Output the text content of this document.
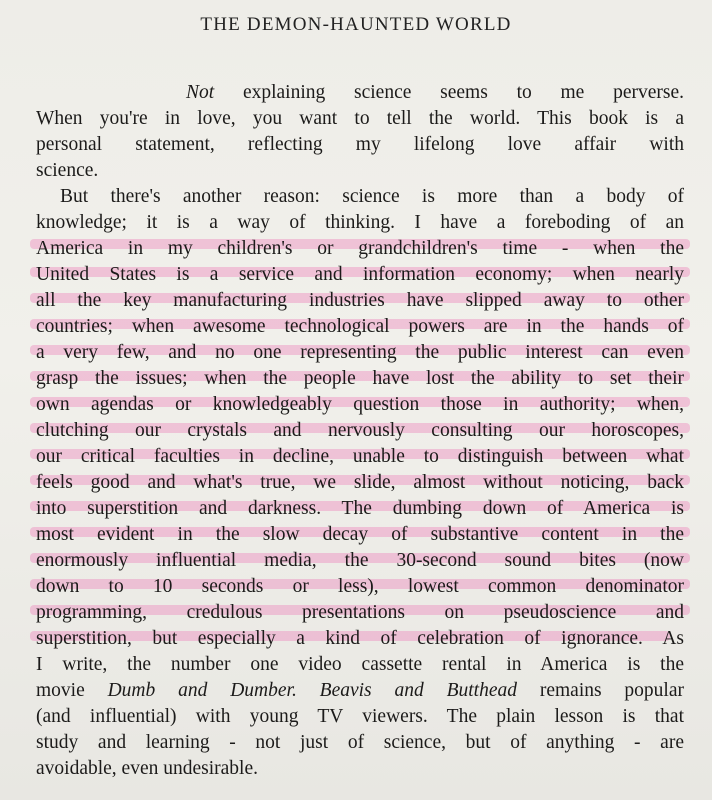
THE DEMON-HAUNTED WORLD
Not explaining science seems to me perverse.
When you're in love, you want to tell the world. This book is a
personal statement, reflecting my lifelong love affair with
science.
But there's another reason: science is more than a body of
knowledge; it is a way of thinking. I have a foreboding of an
America in my children's or grandchildren's time - when the
United States is a service and information economy; when nearly
all the key manufacturing industries have slipped away to other
countries; when awesome technological powers are in the hands of
a very few, and no one representing the public interest can even
grasp the issues; when the people have lost the ability to set their
own agendas or knowledgeably question those in authority; when,
clutching our crystals and nervously consulting our horoscopes,
our critical faculties in decline, unable to distinguish between what
feels good and what's true, we slide, almost without noticing, back
into superstition and darkness. The dumbing down of America is
most evident in the slow decay of substantive content in the
enormously influential media, the 30-second sound bites (now
down to 10 seconds or less), lowest common denominator
programming, credulous presentations on pseudoscience and
superstition, but especially a kind of celebration of ignorance. As
I write, the number one video cassette rental in America is the
movie Dumb and Dumber. Beavis and Butthead remains popular
(and influential) with young TV viewers. The plain lesson is that
study and learning - not just of science, but of anything - are
avoidable, even undesirable.
